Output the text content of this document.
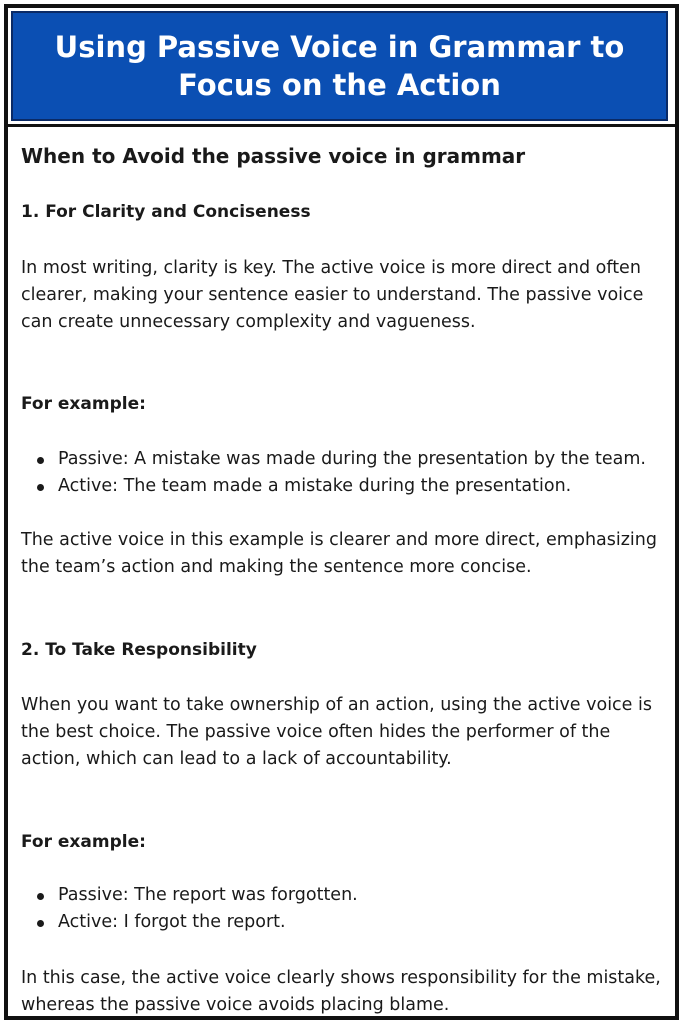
Using Passive Voice in Grammar to Focus on the Action
When to Avoid the passive voice in grammar
1. For Clarity and Conciseness

In most writing, clarity is key. The active voice is more direct and often clearer, making your sentence easier to understand. The passive voice can create unnecessary complexity and vagueness.

For example:
Passive: A mistake was made during the presentation by the team.
Active: The team made a mistake during the presentation.

The active voice in this example is clearer and more direct, emphasizing the team’s action and making the sentence more concise.

2. To Take Responsibility

When you want to take ownership of an action, using the active voice is the best choice. The passive voice often hides the performer of the action, which can lead to a lack of accountability.

For example:
Passive: The report was forgotten.
Active: I forgot the report.

In this case, the active voice clearly shows responsibility for the mistake, whereas the passive voice avoids placing blame.
